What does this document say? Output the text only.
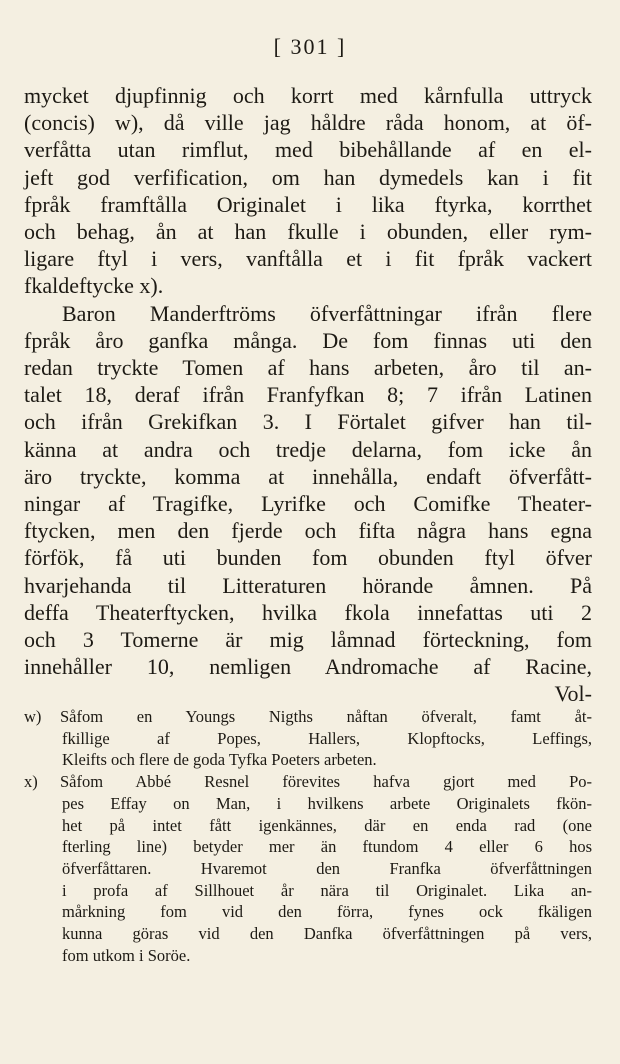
[ 301 ]
mycket djupfinnig och korrt med kårnfulla uttryck
(concis) w), då ville jag håldre råda honom, at öf-
verfåtta utan rimflut, med bibehållande af en el-
jeft god verfification, om han dymedels kan i fit
fpråk framftålla Originalet i lika ftyrka, korrthet
och behag, ån at han fkulle i obunden, eller rym-
ligare ftyl i vers, vanftålla et i fit fpråk vackert
fkaldeftycke x).
Baron Manderftröms öfverfåttningar ifrån flere
fpråk åro ganfka många. De fom finnas uti den
redan tryckte Tomen af hans arbeten, åro til an-
talet 18, deraf ifrån Franfyfkan 8; 7 ifrån Latinen
och ifrån Grekifkan 3. I Förtalet gifver han til-
känna at andra och tredje delarna, fom icke ån
äro tryckte, komma at innehålla, endaft öfverfått-
ningar af Tragifke, Lyrifke och Comifke Theater-
ftycken, men den fjerde och fifta några hans egna
förfök, få uti bunden fom obunden ftyl öfver
hvarjehanda til Litteraturen hörande åmnen. På
deffa Theaterftycken, hvilka fkola innefattas uti 2
och 3 Tomerne är mig låmnad förteckning, fom
innehåller 10, nemligen Andromache af Racine,
Vol-
w) Såfom en Youngs Nigths nåftan öfveralt, famt åt-
fkillige af Popes, Hallers, Klopftocks, Leffings,
Kleifts och flere de goda Tyfka Poeters arbeten.
x) Såfom Abbé Resnel förevites hafva gjort med Po-
pes Effay on Man, i hvilkens arbete Originalets fkön-
het på intet fått igenkännes, där en enda rad (one
fterling line) betyder mer än ftundom 4 eller 6 hos
öfverfåttaren. Hvaremot den Franfka öfverfåttningen
i profa af Sillhouet år nära til Originalet. Lika an-
mårkning fom vid den förra, fynes ock fkäligen
kunna göras vid den Danfka öfverfåttningen på vers,
fom utkom i Soröe.
